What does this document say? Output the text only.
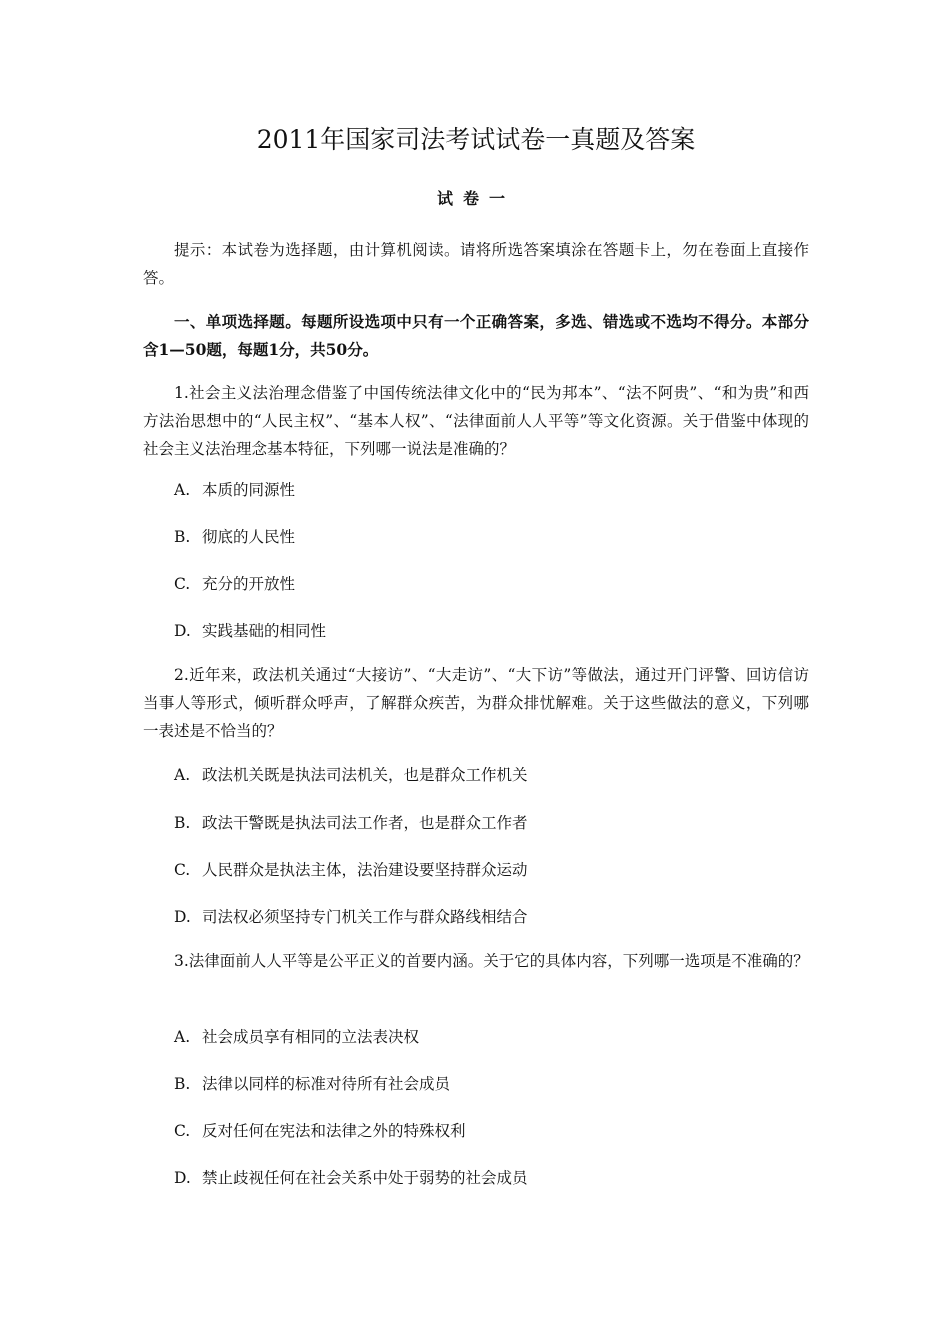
2011年国家司法考试试卷一真题及答案
试卷一

提示：本试卷为选择题，由计算机阅读。请将所选答案填涂在答题卡上，勿在卷面上直接作答。

一、单项选择题。每题所设选项中只有一个正确答案，多选、错选或不选均不得分。本部分含1—50题，每题1分，共50分。

1.社会主义法治理念借鉴了中国传统法律文化中的“民为邦本”、“法不阿贵”、“和为贵”和西方法治思想中的“人民主权”、“基本人权”、“法律面前人人平等”等文化资源。关于借鉴中体现的社会主义法治理念基本特征，下列哪一说法是准确的？

A. 本质的同源性
B. 彻底的人民性
C. 充分的开放性
D. 实践基础的相同性

2.近年来，政法机关通过“大接访”、“大走访”、“大下访”等做法，通过开门评警、回访信访当事人等形式，倾听群众呼声，了解群众疾苦，为群众排忧解难。关于这些做法的意义，下列哪一表述是不恰当的？

A. 政法机关既是执法司法机关，也是群众工作机关
B. 政法干警既是执法司法工作者，也是群众工作者
C. 人民群众是执法主体，法治建设要坚持群众运动
D. 司法权必须坚持专门机关工作与群众路线相结合

3.法律面前人人平等是公平正义的首要内涵。关于它的具体内容，下列哪一选项是不准确的？

A. 社会成员享有相同的立法表决权
B. 法律以同样的标准对待所有社会成员
C. 反对任何在宪法和法律之外的特殊权利
D. 禁止歧视任何在社会关系中处于弱势的社会成员
